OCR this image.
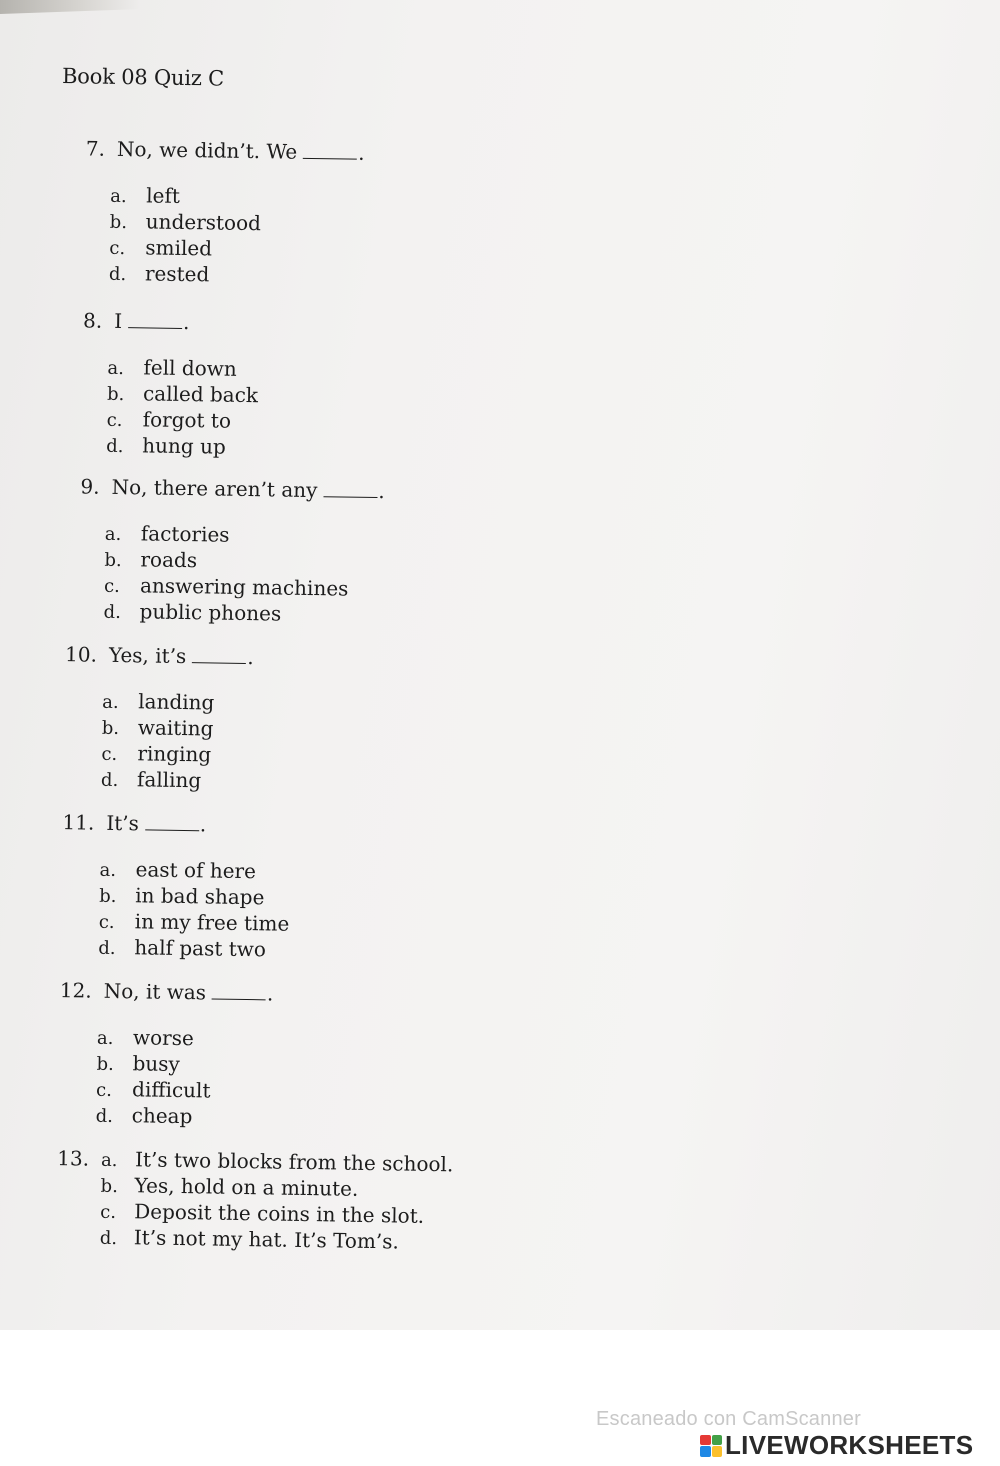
Book 08 Quiz C
7. No, we didn’t. We	.
a. left
b. understood
c. smiled
d. rested
8. I	.
a. fell down
b. called back
c. forgot to
d. hung up
9. No, there aren’t any	.
a. factories
b. roads
c. answering machines
d. public phones
10. Yes, it’s	.
a. landing
b. waiting
c. ringing
d. falling
11. It’s	.
a. east of here
b. in bad shape
c. in my free time
d. half past two
12. No, it was	.
a. worse
b. busy
c. difficult
d. cheap
13. a. It’s two blocks from the school.
b. Yes, hold on a minute.
c. Deposit the coins in the slot.
d. It’s not my hat. It’s Tom’s.
Escaneado con CamScanner
LIVEWORKSHEETS
